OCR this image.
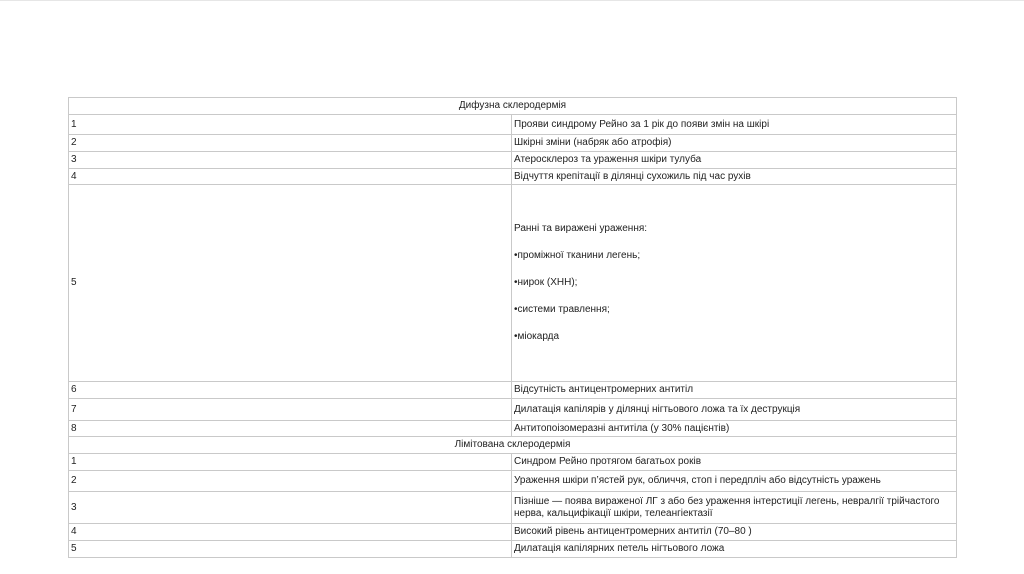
Дифузна склеродермія	
1	Прояви синдрому Рейно за 1 рік до появи змін на шкірі
2	Шкірні зміни (набряк або атрофія)
3	Атеросклероз та ураження шкіри тулуба
4	Відчуття крепітації в ділянці сухожиль під час рухів
5	Ранні та виражені ураження:

•проміжної тканини легень;

•нирок (ХНН);

•системи травлення;

•міокарда

6	Відсутність антицентромерних антитіл
7	Дилатація капілярів у ділянці нігтьового ложа та їх деструкція
8	Антитопоізомеразні антитіла (у 30% пацієнтів)
Лімітована склеродермія	
1	Синдром Рейно протягом багатьох років
2	Ураження шкіри п’ястей рук, обличчя, стоп і передпліч або відсутність уражень
3	Пізніше — поява вираженої ЛГ з або без ураження інтерстиції легень, невралгії трійчастого нерва, кальцифікації шкіри, телеангіектазії
4	Високий рівень антицентромерних антитіл (70–80 )
5	Дилатація капілярних петель нігтьового ложа
